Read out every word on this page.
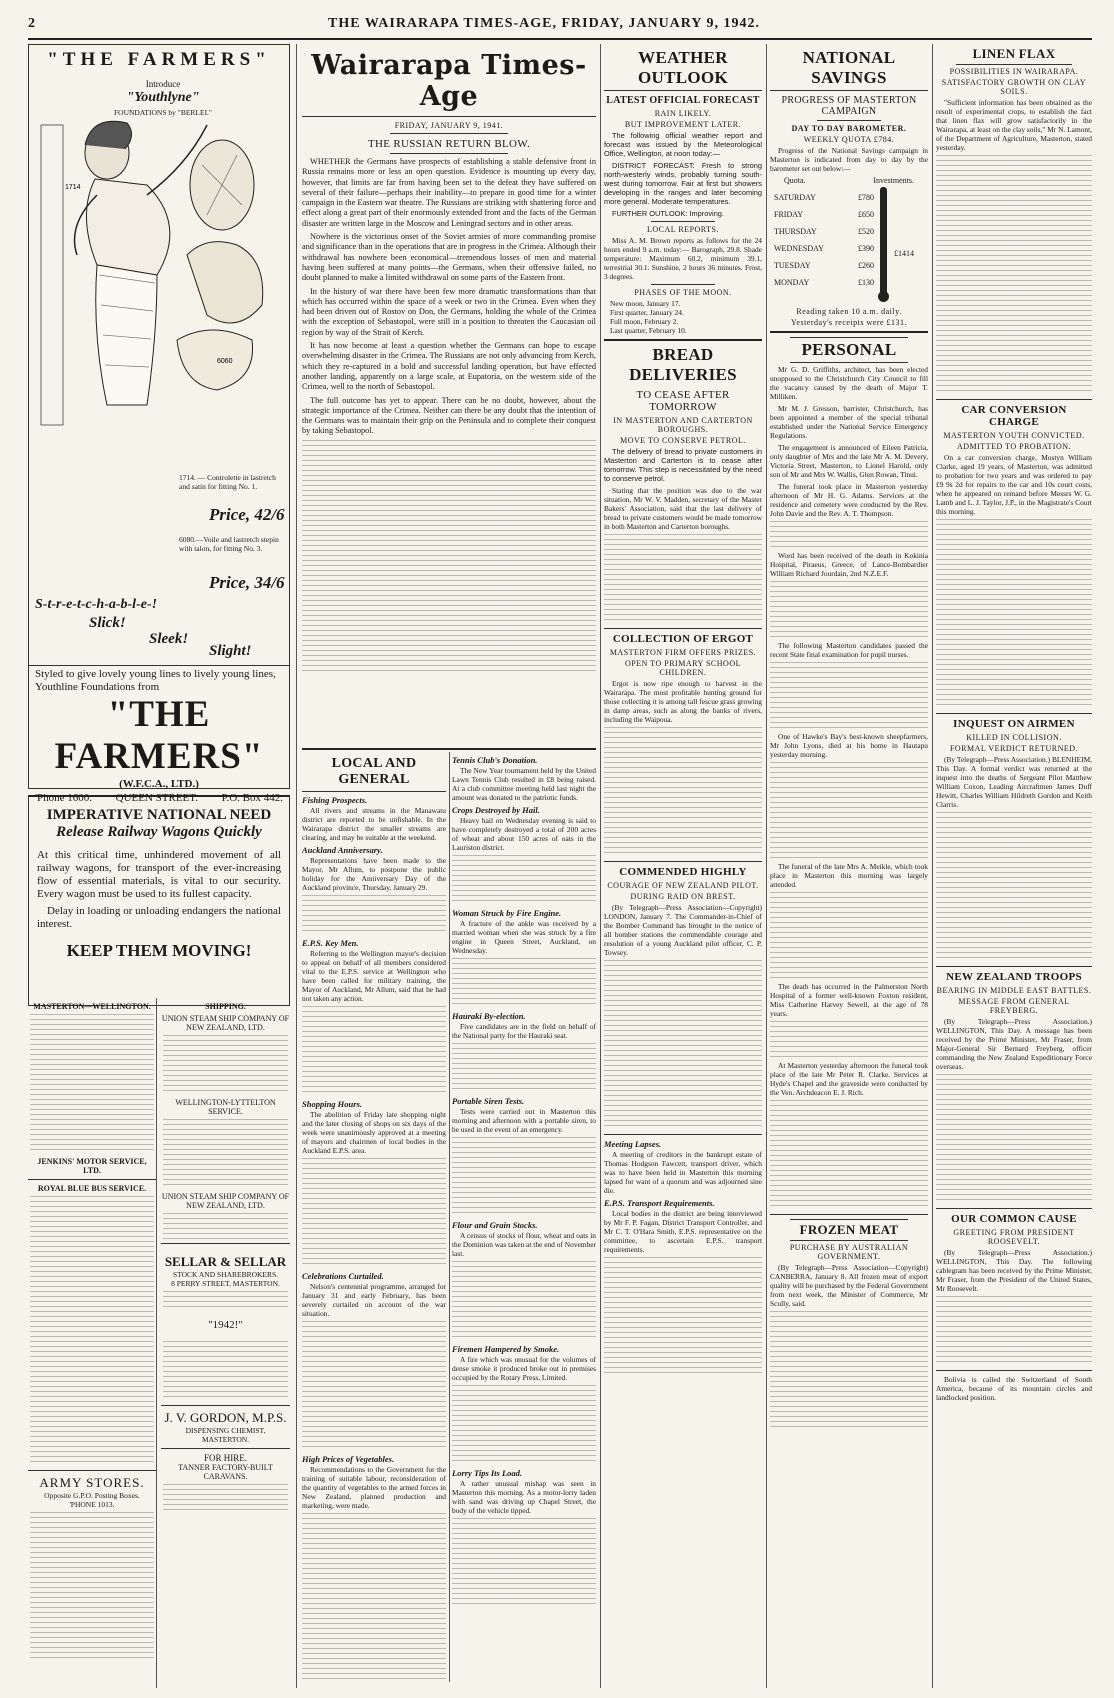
2	THE WAIRARAPA TIMES-AGE, FRIDAY, JANUARY 9, 1942.
"THE FARMERS"
Introduce
"Youthlyne"
FOUNDATIONS by "BERLEI."
1714
6060
1714. — Controlette in lastretch and satin for fitting No. 1.
Price, 42/6
6080.—Voile and lastretch stepin with talon, for fitting No. 3.
Price, 34/6
S-t-r-e-t-c-h-a-b-l-e-!
Slick!
Sleek!
Slight!
Styled to give lovely young lines to lively young lines, Youthline Foundations from
"THE FARMERS"
(W.F.C.A., LTD.)
'Phone 1600. QUEEN STREET. P.O. Box 442.
IMPERATIVE NATIONAL NEED
Release Railway Wagons Quickly
At this critical time, unhindered movement of all railway wagons, for transport of the ever-increasing flow of essential materials, is vital to our security. Every wagon must be used to its fullest capacity.
Delay in loading or unloading endangers the national interest.
KEEP THEM MOVING!
MASTERTON—WELLINGTON.
JENKINS' MOTOR SERVICE, LTD.
ROYAL BLUE BUS SERVICE.
ARMY STORES.
Opposite G.P.O. Posting Boxes.
'PHONE 1013.
SHIPPING.
UNION STEAM SHIP COMPANY OF NEW ZEALAND, LTD.
WELLINGTON-LYTTELTON SERVICE.
UNION STEAM SHIP COMPANY OF NEW ZEALAND, LTD.
SELLAR & SELLAR
STOCK AND SHAREBROKERS.
8 PERRY STREET, MASTERTON.
"1942!"
J. V. GORDON, M.P.S.
DISPENSING CHEMIST,
MASTERTON.
FOR HIRE.
TANNER FACTORY-BUILT CARAVANS.
Wairarapa Times-Age
FRIDAY, JANUARY 9, 1941.
THE RUSSIAN RETURN BLOW.

WHETHER the Germans have prospects of establishing a stable defensive front in Russia remains more or less an open question. Evidence is mounting up every day, however, that limits are far from having been set to the defeat they have suffered on several of their failure—perhaps their inability—to prepare in good time for a winter campaign in the Eastern war theatre. The Russians are striking with shattering force and effect along a great part of their enormously extended front and the facts of the German disaster are written large in the Moscow and Leningrad sectors and in other areas.

Nowhere is the victorious onset of the Soviet armies of more commanding promise and significance than in the operations that are in progress in the Crimea. Although their withdrawal has nowhere been economical—tremendous losses of men and material having been suffered at many points—the Germans, when their offensive failed, no doubt planned to make a limited withdrawal on some parts of the Eastern front.

In the history of war there have been few more dramatic transformations than that which has occurred within the space of a week or two in the Crimea. Even when they had been driven out of Rostov on Don, the Germans, holding the whole of the Crimea with the exception of Sebastopol, were still in a position to threaten the Caucasian oil region by way of the Strait of Kerch.

It has now become at least a question whether the Germans can hope to escape overwhelming disaster in the Crimea. The Russians are not only advancing from Kerch, which they re-captured in a bold and successful landing operation, but have effected another landing, apparently on a large scale, at Eupatoria, on the western side of the Crimea, well to the north of Sebastopol.

The full outcome has yet to appear. There can be no doubt, however, about the strategic importance of the Crimea. Neither can there be any doubt that the intention of the Germans was to maintain their grip on the Peninsula and to complete their conquest by taking Sebastopol.

LOCAL AND GENERAL
Fishing Prospects.

All rivers and streams in the Manawatu district are reported to be unfishable. In the Wairarapa district the smaller streams are clearing, and may be suitable at the weekend.

Auckland Anniversary.

Representations have been made to the Mayor, Mr Allum, to postpone the public holiday for the Anniversary Day of the Auckland province, Thursday, January 29.

E.P.S. Key Men.

Referring to the Wellington mayor's decision to appeal on behalf of all members considered vital to the E.P.S. service at Wellington who have been called for military training, the Mayor of Auckland, Mr Allum, said that he had not taken any action.

Shopping Hours.

The abolition of Friday late shopping night and the later closing of shops on six days of the week were unanimously approved at a meeting of mayors and chairmen of local bodies in the Auckland E.P.S. area.

Celebrations Curtailed.

Nelson's centennial programme, arranged for January 31 and early February, has been severely curtailed on account of the war situation.

High Prices of Vegetables.

Recommendations to the Government for the training of suitable labour, reconsideration of the quantity of vegetables to the armed forces in New Zealand, planned production and marketing, were made.

Tennis Club's Donation.

The New Year tournament held by the United Lawn Tennis Club resulted in £8 being raised. At a club committee meeting held last night the amount was donated to the patriotic funds.

Crops Destroyed by Hail.

Heavy hail on Wednesday evening is said to have completely destroyed a total of 200 acres of wheat and about 150 acres of oats in the Lauriston district.

Woman Struck by Fire Engine.

A fracture of the ankle was received by a married woman when she was struck by a fire engine in Queen Street, Auckland, on Wednesday.

Hauraki By-election.

Five candidates are in the field on behalf of the National party for the Hauraki seat.

Portable Siren Tests.

Tests were carried out in Masterton this morning and afternoon with a portable siren, to be used in the event of an emergency.

Flour and Grain Stocks.

A census of stocks of flour, wheat and oats in the Dominion was taken at the end of November last.

Firemen Hampered by Smoke.

A fire which was unusual for the volumes of dense smoke it produced broke out in premises occupied by the Rotary Press, Limited.

Lorry Tips Its Load.

A rather unusual mishap was seen in Masterton this morning. As a motor-lorry laden with sand was driving up Chapel Street, the body of the vehicle tipped.

WEATHER OUTLOOK
LATEST OFFICIAL FORECAST
RAIN LIKELY.
BUT IMPROVEMENT LATER.

The following official weather report and forecast was issued by the Meteorological Office, Wellington, at noon today:—

DISTRICT FORECAST: Fresh to strong north-westerly winds, probably turning south-west during tomorrow. Fair at first but showers developing in the ranges and later becoming more general. Moderate temperatures.

FURTHER OUTLOOK: Improving.

LOCAL REPORTS.

Miss A. M. Brown reports as follows for the 24 hours ended 9 a.m. today:— Barograph, 29.8. Shade temperature: Maximum 60.2, minimum 39.1, terrestrial 30.1. Sunshine, 2 hours 36 minutes. Frost, 3 degrees.

PHASES OF THE MOON.
New moon, January 17.
First quarter, January 24.
Full moon, February 2.
Last quarter, February 10.
BREAD DELIVERIES
TO CEASE AFTER TOMORROW
IN MASTERTON AND CARTERTON BOROUGHS.
MOVE TO CONSERVE PETROL.

The delivery of bread to private customers in Masterton and Carterton is to cease after tomorrow. This step is necessitated by the need to conserve petrol.

Stating that the position was due to the war situation, Mr W. V. Madden, secretary of the Master Bakers' Association, said that the last delivery of bread to private customers would be made tomorrow in both Masterton and Carterton boroughs.

COLLECTION OF ERGOT
MASTERTON FIRM OFFERS PRIZES.
OPEN TO PRIMARY SCHOOL CHILDREN.

Ergot is now ripe enough to harvest in the Wairarapa. The most profitable hunting ground for those collecting it is among tall fescue grass growing in damp areas, such as along the banks of rivers, including the Waipoua.

COMMENDED HIGHLY
COURAGE OF NEW ZEALAND PILOT.
DURING RAID ON BREST.

(By Telegraph—Press Association—Copyright) LONDON, January 7. The Commander-in-Chief of the Bomber Command has brought to the notice of all bomber stations the commendable courage and resolution of a young Auckland pilot officer, C. P. Towsey.

Meeting Lapses.

A meeting of creditors in the bankrupt estate of Thomas Hodgson Fawcett, transport driver, which was to have been held in Masterton this morning lapsed for want of a quorum and was adjourned sine die.

E.P.S. Transport Requirements.

Local bodies in the district are being interviewed by Mr F. P. Fagan, District Transport Controller, and Mr C. T. O'Hara Smith, E.P.S. representative on the committee, to ascertain E.P.S. transport requirements.

NATIONAL SAVINGS
PROGRESS OF MASTERTON CAMPAIGN
DAY TO DAY BAROMETER.
WEEKLY QUOTA £784.

Progress of the National Savings campaign in Masterton is indicated from day to day by the barometer set out below:—

Quota.	Investments.
SATURDAY	£780
FRIDAY	£650
THURSDAY	£520
WEDNESDAY	£390
TUESDAY	£260
MONDAY	£130
£1414
Reading taken 10 a.m. daily.
Yesterday's receipts were £131.
PERSONAL

Mr G. D. Griffiths, architect, has been elected unopposed to the Christchurch City Council to fill the vacancy caused by the death of Major T. Milliken.

Mr M. J. Gresson, barrister, Christchurch, has been appointed a member of the special tribunal established under the National Service Emergency Regulations.

The engagement is announced of Eileen Patricia, only daughter of Mrs and the late Mr A. M. Devery, Victoria Street, Masterton, to Lionel Harold, only son of Mr and Mrs W. Wallis, Glen Rowan, Tinui.

The funeral took place in Masterton yesterday afternoon of Mr H. G. Adams. Services at the residence and cemetery were conducted by the Rev. John Davie and the Rev. A. T. Thompson.

Word has been received of the death in Kokinia Hospital, Piraeus, Greece, of Lance-Bombardier William Richard Jourdain, 2nd N.Z.E.F.

The following Masterton candidates passed the recent State final examination for pupil nurses.

One of Hawke's Bay's best-known sheepfarmers, Mr John Lyons, died at his home in Hautapu yesterday morning.

The funeral of the late Mrs A. Meikle, which took place in Masterton this morning was largely attended.

The death has occurred in the Palmerston North Hospital of a former well-known Foxton resident, Miss Catherine Harvey Sewell, at the age of 78 years.

At Masterton yesterday afternoon the funeral took place of the late Mr Peter R. Clarke. Services at Hyde's Chapel and the graveside were conducted by the Ven. Archdeacon E. J. Rich.

FROZEN MEAT
PURCHASE BY AUSTRALIAN GOVERNMENT.

(By Telegraph—Press Association—Copyright) CANBERRA, January 8. All frozen meat of export quality will be purchased by the Federal Government from next week, the Minister of Commerce, Mr Scully, said.

LINEN FLAX
POSSIBILITIES IN WAIRARAPA.
SATISFACTORY GROWTH ON CLAY SOILS.

"Sufficient information has been obtained as the result of experimental crops, to establish the fact that linen flax will grow satisfactorily in the Wairarapa, at least on the clay soils," Mr N. Lamont, of the Department of Agriculture, Masterton, stated yesterday.

CAR CONVERSION CHARGE
MASTERTON YOUTH CONVICTED.
ADMITTED TO PROBATION.

On a car conversion charge, Mostyn William Clarke, aged 19 years, of Masterton, was admitted to probation for two years and was ordered to pay £9 9s 2d for repairs to the car and 10s court costs, when he appeared on remand before Messrs W. G. Lamb and L. J. Taylor, J.P., in the Magistrate's Court this morning.

INQUEST ON AIRMEN
KILLED IN COLLISION.
FORMAL VERDICT RETURNED.

(By Telegraph—Press Association.) BLENHEIM, This Day. A formal verdict was returned at the inquest into the deaths of Sergeant Pilot Matthew William Coxon, Leading Aircraftmen James Duff Hewitt, Charles William Hildreth Gordon and Keith Clarris.

NEW ZEALAND TROOPS
BEARING IN MIDDLE EAST BATTLES.
MESSAGE FROM GENERAL FREYBERG.

(By Telegraph—Press Association.) WELLINGTON, This Day. A message has been received by the Prime Minister, Mr Fraser, from Major-General Sir Bernard Freyberg, officer commanding the New Zealand Expeditionary Force overseas.

OUR COMMON CAUSE
GREETING FROM PRESIDENT ROOSEVELT.

(By Telegraph—Press Association.) WELLINGTON, This Day. The following cablegram has been received by the Prime Minister, Mr Fraser, from the President of the United States, Mr Roosevelt.

Bolivia is called the Switzerland of South America, because of its mountain circles and landlocked position.
